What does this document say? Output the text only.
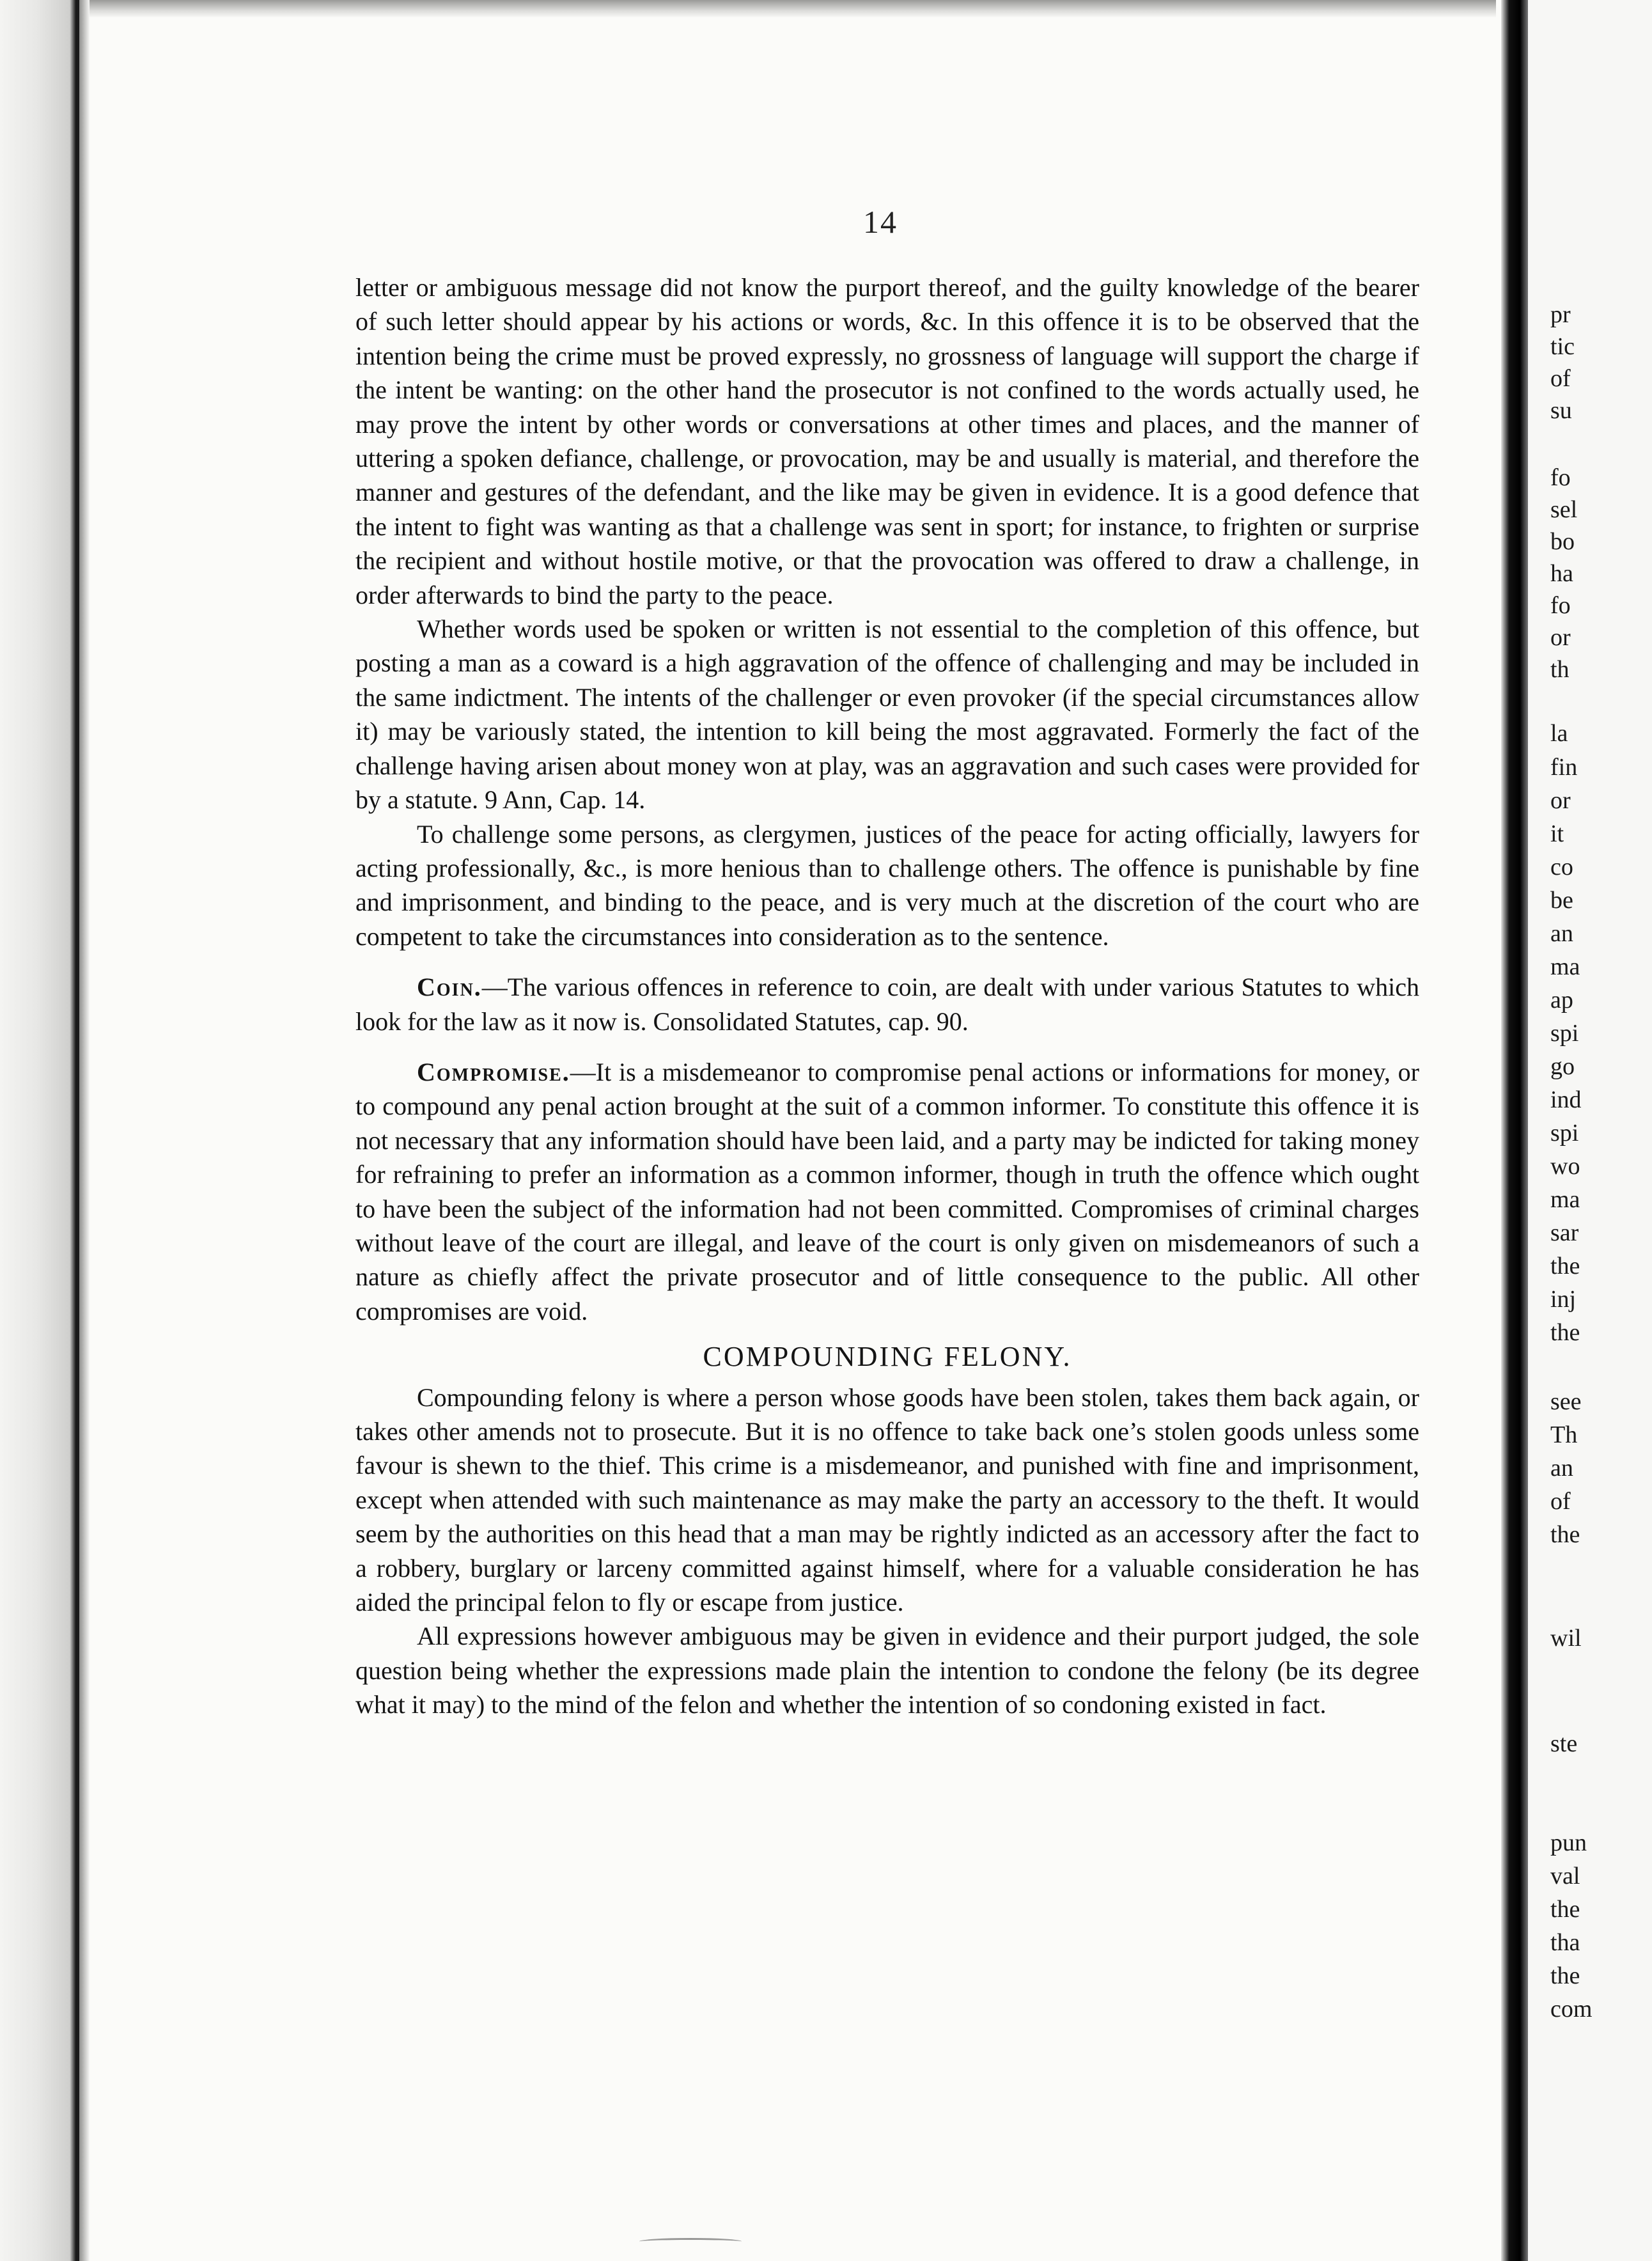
14

letter or ambiguous message did not know the purport thereof, and the guilty knowledge of the bearer of such letter should appear by his actions or words, &c. In this offence it is to be observed that the intention being the crime must be proved expressly, no grossness of language will support the charge if the intent be wanting: on the other hand the prosecutor is not confined to the words actually used, he may prove the intent by other words or conversations at other times and places, and the manner of uttering a spoken defiance, challenge, or provocation, may be and usually is material, and therefore the manner and gestures of the defendant, and the like may be given in evidence. It is a good defence that the intent to fight was wanting as that a challenge was sent in sport; for instance, to frighten or surprise the recipient and without hostile motive, or that the provocation was offered to draw a challenge, in order afterwards to bind the party to the peace.

Whether words used be spoken or written is not essential to the completion of this offence, but posting a man as a coward is a high aggravation of the offence of challenging and may be included in the same indictment. The intents of the challenger or even provoker (if the special circumstances allow it) may be variously stated, the intention to kill being the most aggravated. Formerly the fact of the challenge having arisen about money won at play, was an aggravation and such cases were provided for by a statute. 9 Ann, Cap. 14.

To challenge some persons, as clergymen, justices of the peace for acting officially, lawyers for acting professionally, &c., is more henious than to challenge others. The offence is punishable by fine and imprisonment, and binding to the peace, and is very much at the discretion of the court who are competent to take the circumstances into consideration as to the sentence.

Coin.—The various offences in reference to coin, are dealt with under various Statutes to which look for the law as it now is. Consolidated Statutes, cap. 90.

Compromise.—It is a misdemeanor to compromise penal actions or informations for money, or to compound any penal action brought at the suit of a common informer. To constitute this offence it is not necessary that any information should have been laid, and a party may be indicted for taking money for refraining to prefer an information as a common informer, though in truth the offence which ought to have been the subject of the information had not been committed. Compromises of criminal charges without leave of the court are illegal, and leave of the court is only given on misdemeanors of such a nature as chiefly affect the private prosecutor and of little consequence to the public. All other compromises are void.

COMPOUNDING FELONY.

Compounding felony is where a person whose goods have been stolen, takes them back again, or takes other amends not to prosecute. But it is no offence to take back one’s stolen goods unless some favour is shewn to the thief. This crime is a misdemeanor, and punished with fine and imprisonment, except when attended with such maintenance as may make the party an accessory to the theft. It would seem by the authorities on this head that a man may be rightly indicted as an accessory after the fact to a robbery, burglary or larceny committed against himself, where for a valuable consideration he has aided the principal felon to fly or escape from justice.

All expressions however ambiguous may be given in evidence and their purport judged, the sole question being whether the expressions made plain the intention to condone the felony (be its degree what it may) to the mind of the felon and whether the intention of so condoning existed in fact.

pr
tic
of
su
fo
sel
bo
ha
fo
or
th
la
fin
or
it
co
be
an
ma
ap
spi
go
ind
spi
wo
ma
sar
the
inj
the
see
Th
an
of
the
wil
ste
pun
val
the
tha
the
com
